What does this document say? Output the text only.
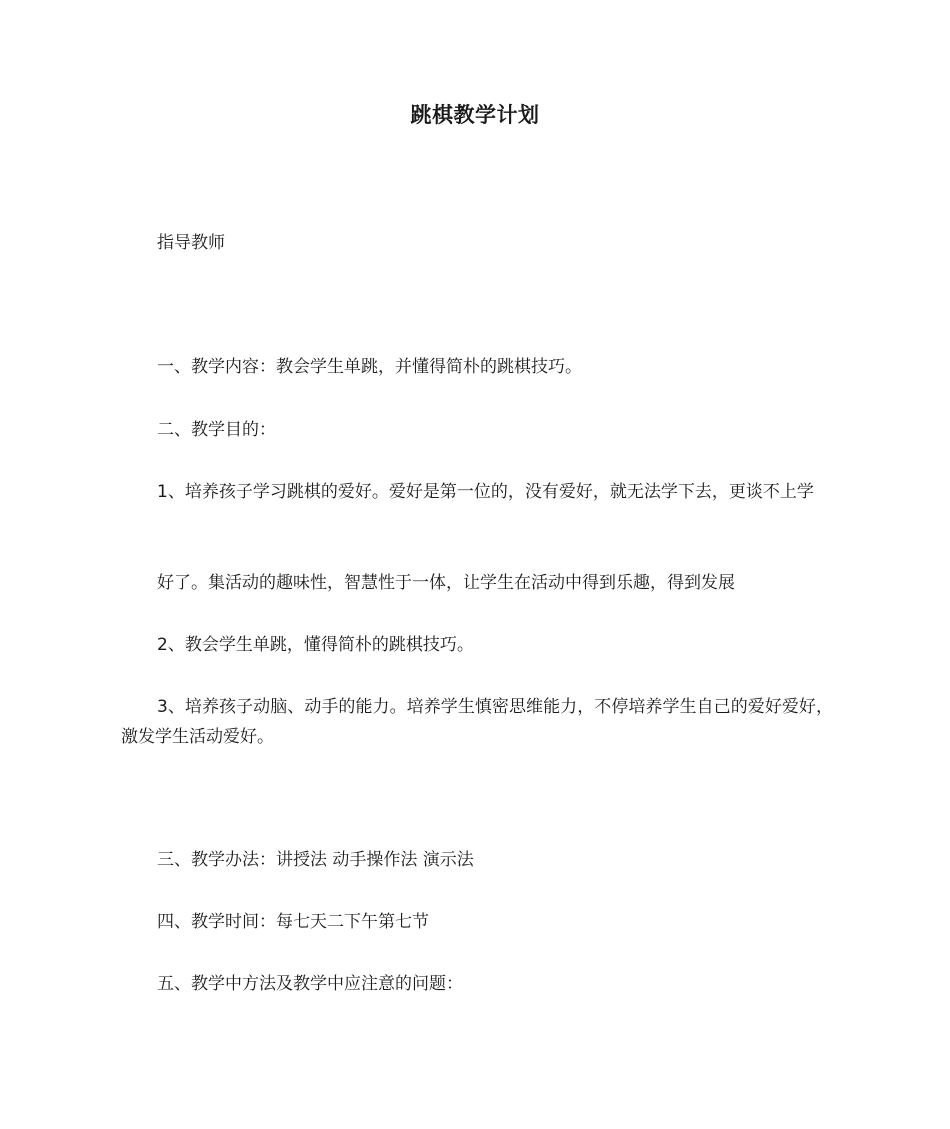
跳棋教学计划
指导教师
一、教学内容：教会学生单跳，并懂得简朴的跳棋技巧。
二、教学目的：
1、培养孩子学习跳棋的爱好。爱好是第一位的，没有爱好，就无法学下去，更谈不上学
好了。集活动的趣味性，智慧性于一体，让学生在活动中得到乐趣，得到发展
2、教会学生单跳，懂得简朴的跳棋技巧。
3、培养孩子动脑、动手的能力。培养学生慎密思维能力，不停培养学生自己的爱好爱好，激发学生活动爱好。
三、教学办法：讲授法 动手操作法 演示法
四、教学时间：每七天二下午第七节
五、教学中方法及教学中应注意的问题：
